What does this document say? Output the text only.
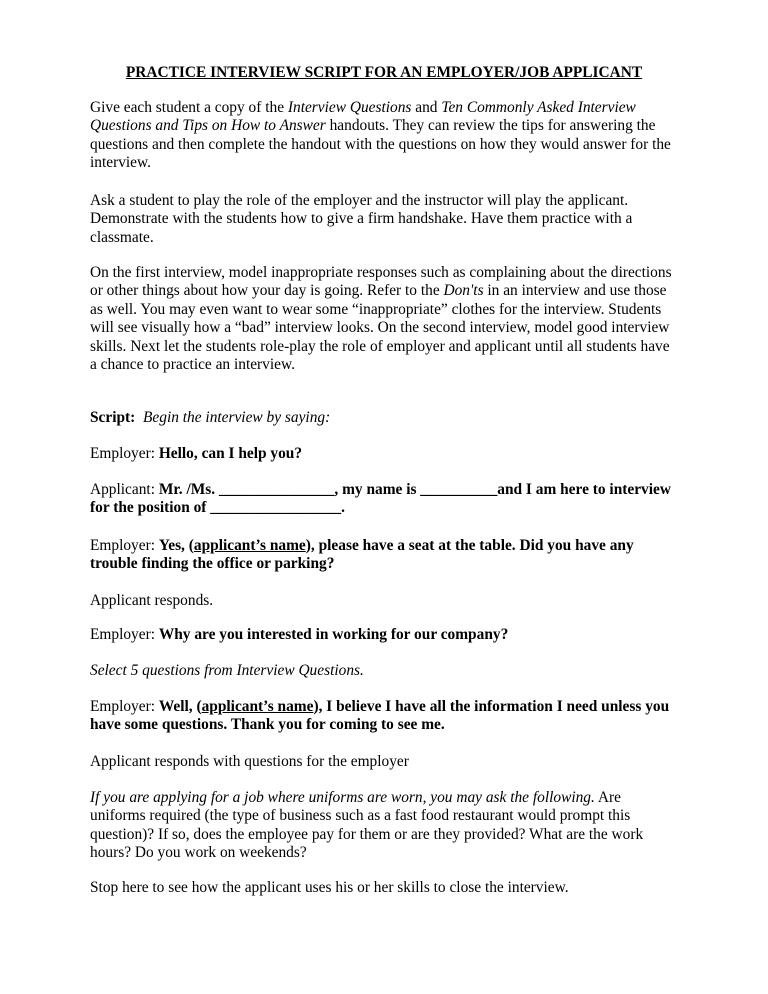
PRACTICE INTERVIEW SCRIPT FOR AN EMPLOYER/JOB APPLICANT

Give each student a copy of the Interview Questions and Ten Commonly Asked Interview Questions and Tips on How to Answer handouts. They can review the tips for answering the questions and then complete the handout with the questions on how they would answer for the interview.

Ask a student to play the role of the employer and the instructor will play the applicant. Demonstrate with the students how to give a firm handshake. Have them practice with a classmate.

On the first interview, model inappropriate responses such as complaining about the directions or other things about how your day is going. Refer to the Don'ts in an interview and use those as well. You may even want to wear some “inappropriate” clothes for the interview. Students will see visually how a “bad” interview looks. On the second interview, model good interview skills. Next let the students role-play the role of employer and applicant until all students have a chance to practice an interview.

Script: Begin the interview by saying:

Employer: Hello, can I help you?

Applicant: Mr. /Ms. _______________, my name is __________and I am here to interview for the position of _________________.

Employer: Yes, (applicant’s name), please have a seat at the table. Did you have any trouble finding the office or parking?

Applicant responds.

Employer: Why are you interested in working for our company?

Select 5 questions from Interview Questions.

Employer: Well, (applicant’s name), I believe I have all the information I need unless you have some questions. Thank you for coming to see me.

Applicant responds with questions for the employer

If you are applying for a job where uniforms are worn, you may ask the following. Are uniforms required (the type of business such as a fast food restaurant would prompt this question)? If so, does the employee pay for them or are they provided? What are the work hours? Do you work on weekends?

Stop here to see how the applicant uses his or her skills to close the interview.
